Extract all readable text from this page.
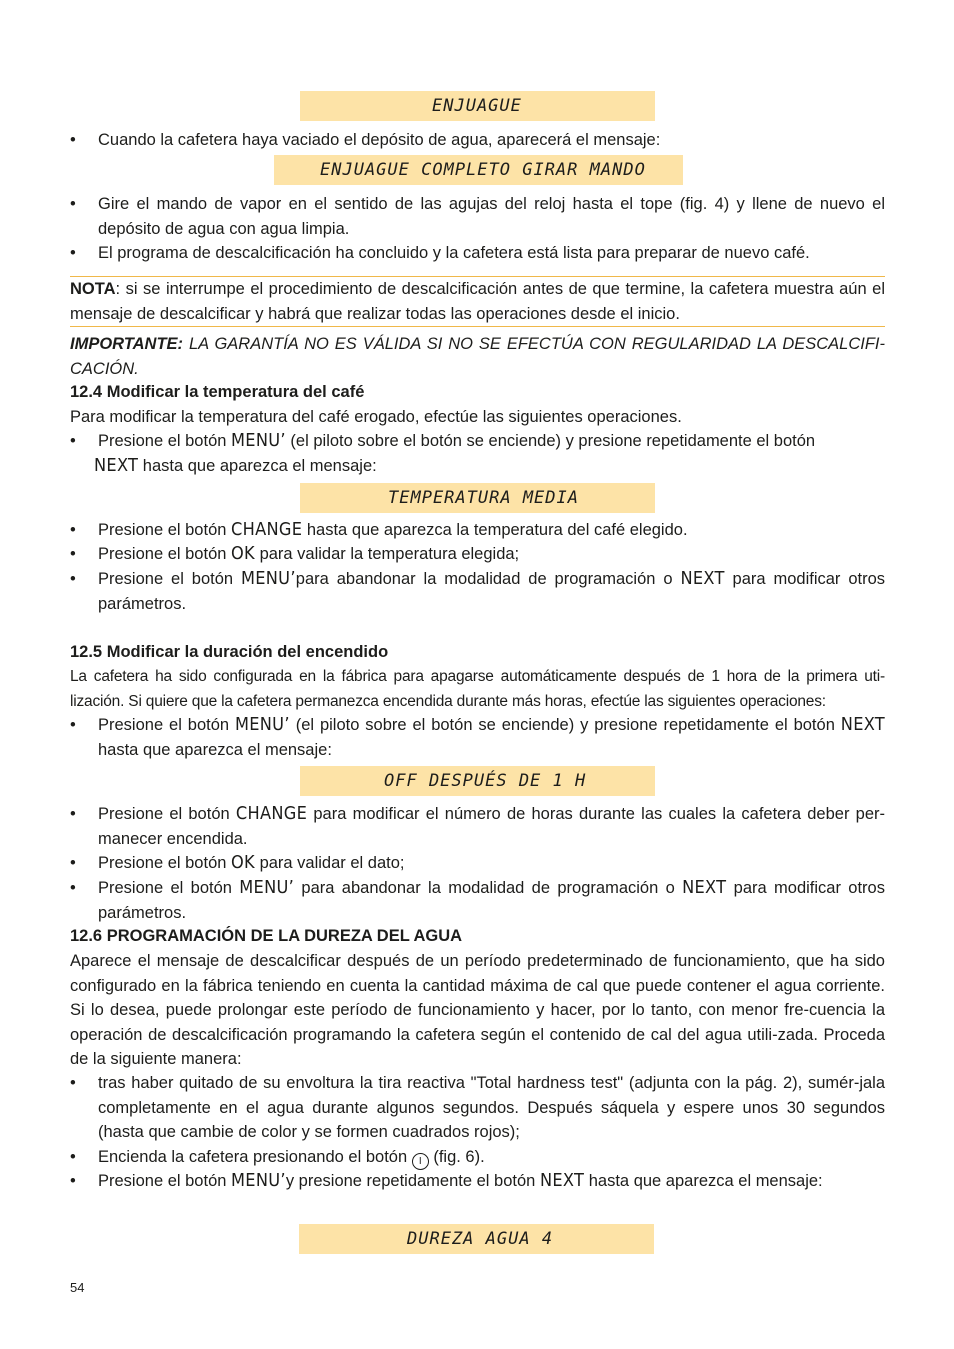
ENJUAGUE
• Cuando la cafetera haya vaciado el depósito de agua, aparecerá el mensaje:
ENJUAGUE COMPLETO GIRAR MANDO
• Gire el mando de vapor en el sentido de las agujas del reloj hasta el tope (fig. 4) y llene de nuevo el depósito de agua con agua limpia.
• El programa de descalcificación ha concluido y la cafetera está lista para preparar de nuevo café.

NOTA: si se interrumpe el procedimiento de descalcificación antes de que termine, la cafetera muestra aún el mensaje de descalcificar y habrá que realizar todas las operaciones desde el inicio.

IMPORTANTE: LA GARANTÍA NO ES VÁLIDA SI NO SE EFECTÚA CON REGULARIDAD LA DESCALCIFI-CACIÓN.

12.4 Modificar la temperatura del café

Para modificar la temperatura del café erogado, efectúe las siguientes operaciones.

• Presione el botón MENU’ (el piloto sobre el botón se enciende) y presione repetidamente el botón
NEXT hasta que aparezca el mensaje:
TEMPERATURA MEDIA
• Presione el botón CHANGE hasta que aparezca la temperatura del café elegido.
• Presione el botón OK para validar la temperatura elegida;
• Presione el botón MENU’para abandonar la modalidad de programación o NEXT para modificar otros parámetros.
12.5 Modificar la duración del encendido

La cafetera ha sido configurada en la fábrica para apagarse automáticamente después de 1 hora de la primera uti-lización. Si quiere que la cafetera permanezca encendida durante más horas, efectúe las siguientes operaciones:

• Presione el botón MENU’ (el piloto sobre el botón se enciende) y presione repetidamente el botón NEXT hasta que aparezca el mensaje:
OFF DESPUÉS DE 1 H
• Presione el botón CHANGE para modificar el número de horas durante las cuales la cafetera deber per-manecer encendida.
• Presione el botón OK para validar el dato;
• Presione el botón MENU’ para abandonar la modalidad de programación o NEXT para modificar otros parámetros.
12.6 PROGRAMACIÓN DE LA DUREZA DEL AGUA

Aparece el mensaje de descalcificar después de un período predeterminado de funcionamiento, que ha sido configurado en la fábrica teniendo en cuenta la cantidad máxima de cal que puede contener el agua corriente. Si lo desea, puede prolongar este período de funcionamiento y hacer, por lo tanto, con menor fre-cuencia la operación de descalcificación programando la cafetera según el contenido de cal del agua utili-zada. Proceda de la siguiente manera:

• tras haber quitado de su envoltura la tira reactiva "Total hardness test" (adjunta con la pág. 2), sumér-jala completamente en el agua durante algunos segundos. Después sáquela y espere unos 30 segundos (hasta que cambie de color y se formen cuadrados rojos);
• Encienda la cafetera presionando el botón I (fig. 6).
• Presione el botón MENU’y presione repetidamente el botón NEXT hasta que aparezca el mensaje:
DUREZA AGUA 4
54
